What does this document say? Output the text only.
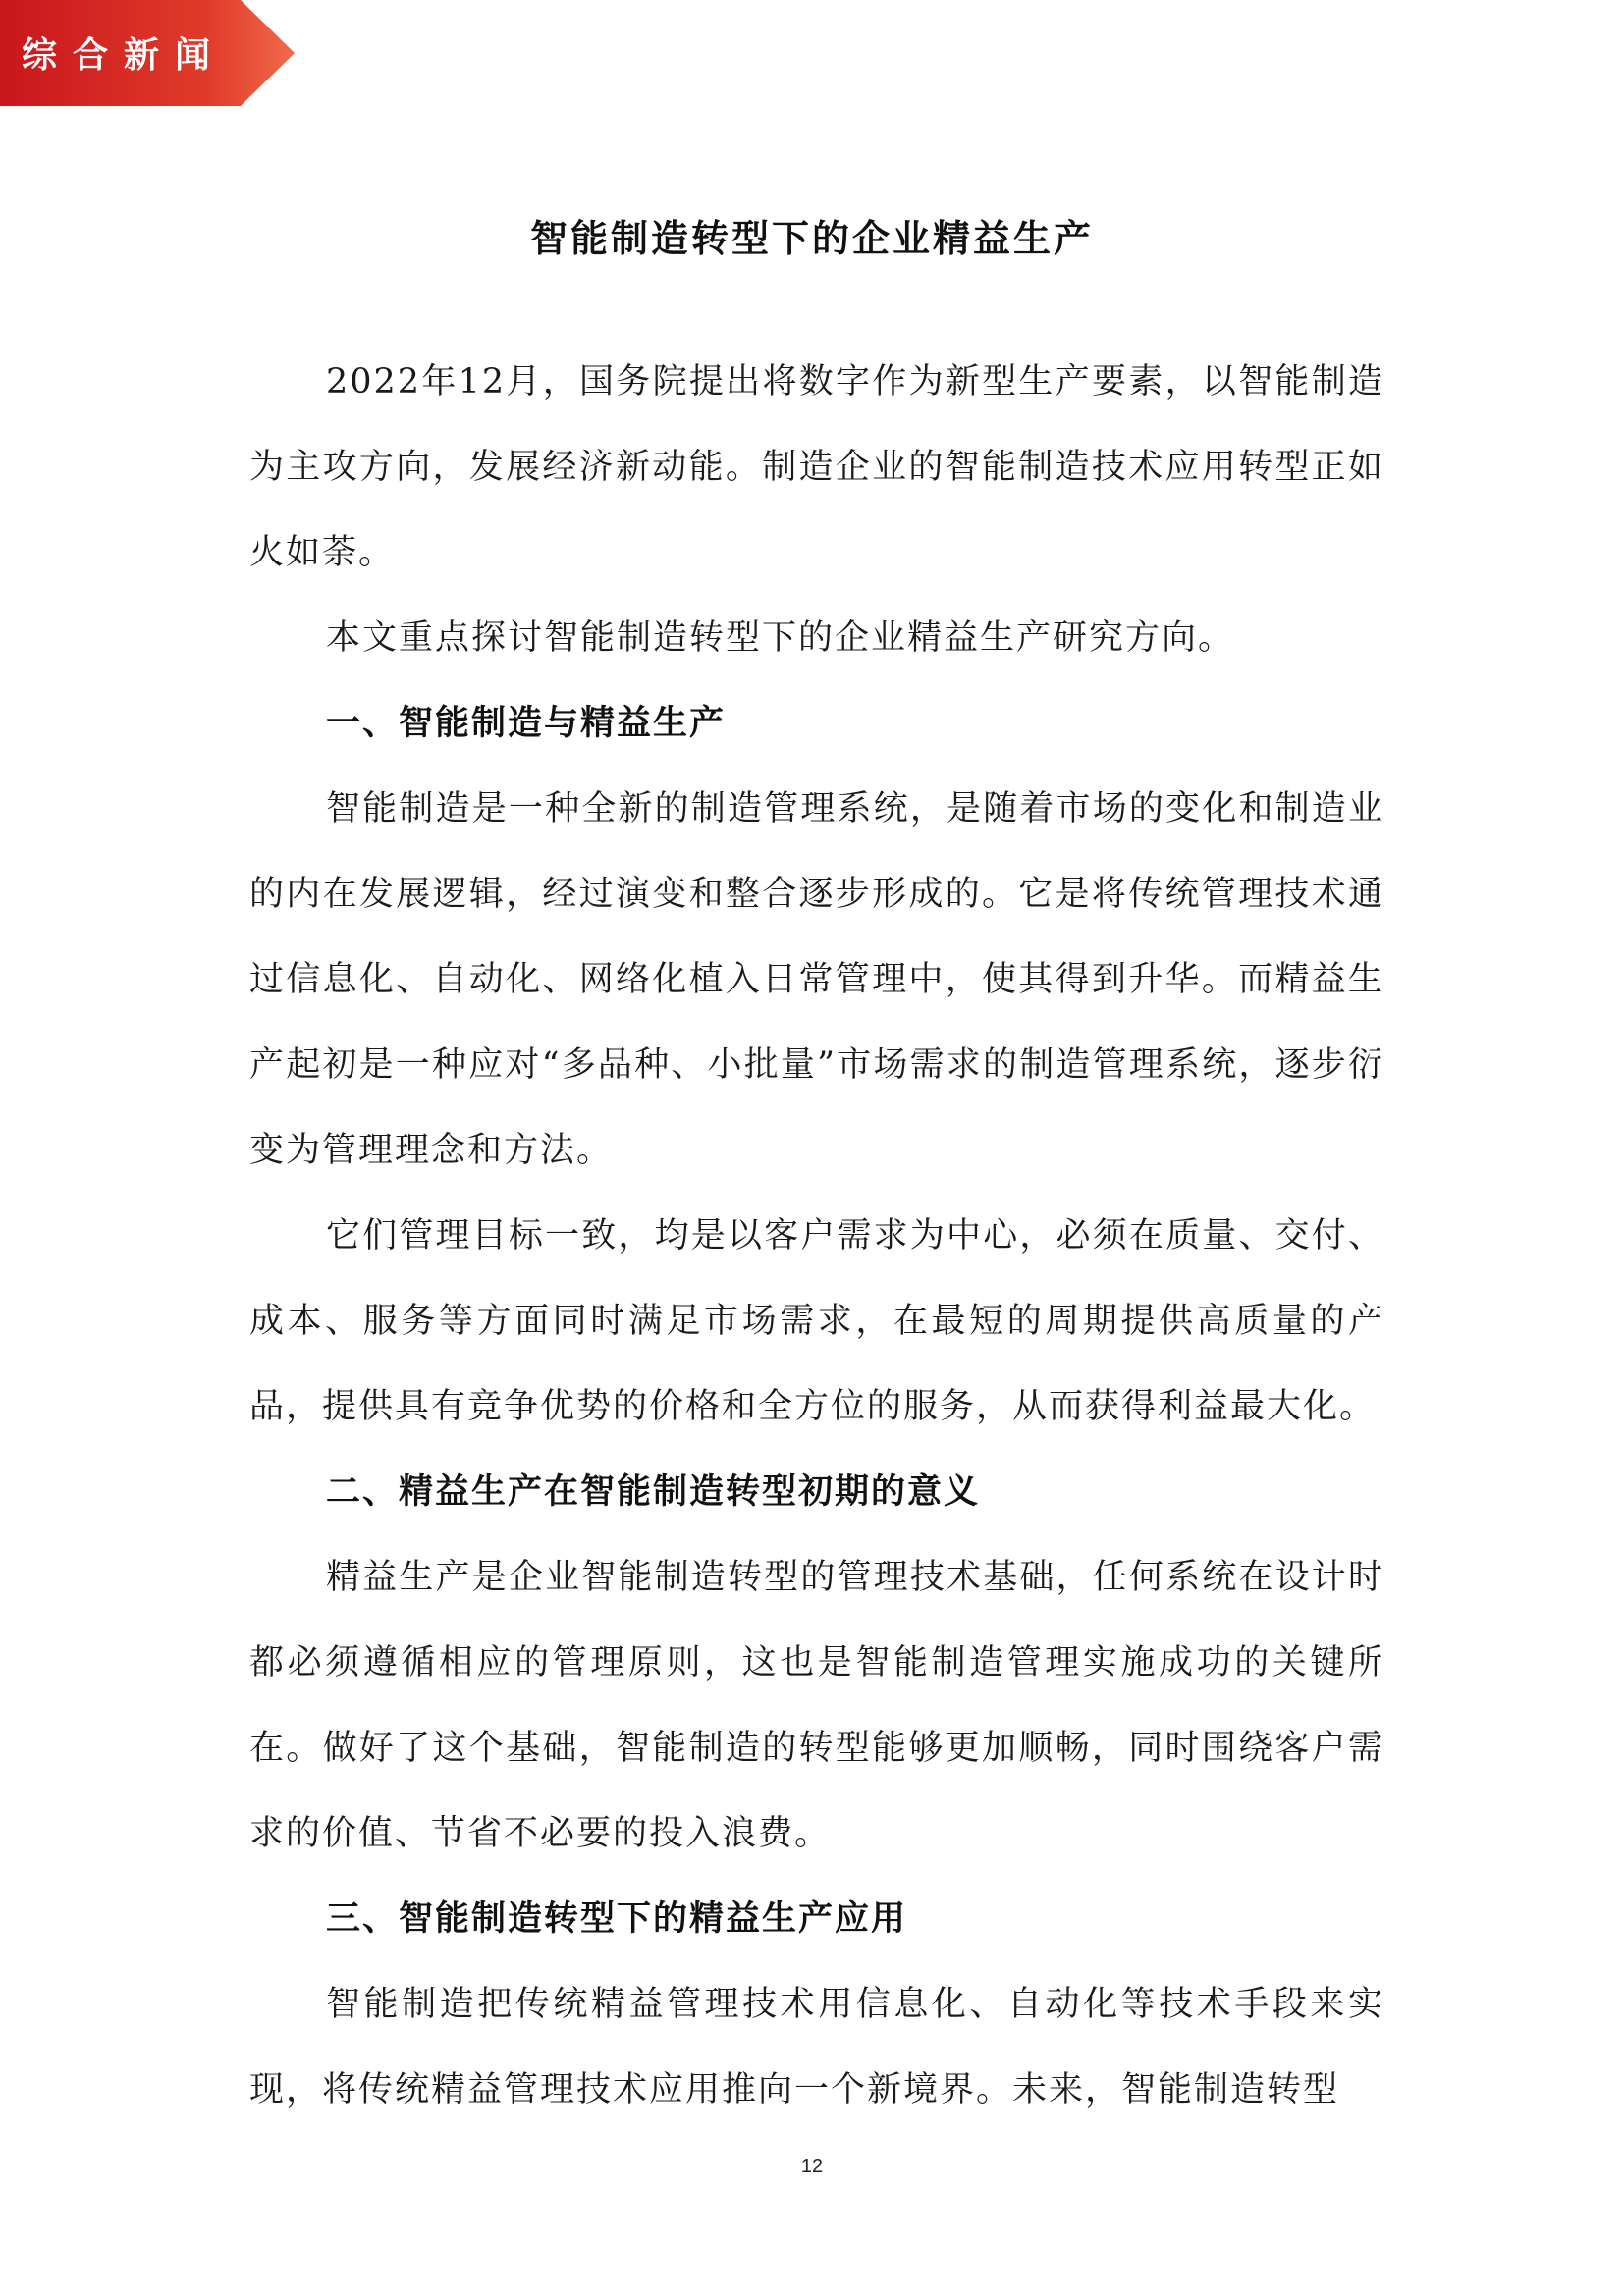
综合新闻
智能制造转型下的企业精益生产

2022年12月，国务院提出将数字作为新型生产要素，以智能制造为主攻方向，发展经济新动能。制造企业的智能制造技术应用转型正如火如荼。

本文重点探讨智能制造转型下的企业精益生产研究方向。

一、智能制造与精益生产

智能制造是一种全新的制造管理系统，是随着市场的变化和制造业的内在发展逻辑，经过演变和整合逐步形成的。它是将传统管理技术通过信息化、自动化、网络化植入日常管理中，使其得到升华。而精益生产起初是一种应对“多品种、小批量”市场需求的制造管理系统，逐步衍变为管理理念和方法。

它们管理目标一致，均是以客户需求为中心，必须在质量、交付、成本、服务等方面同时满足市场需求，在最短的周期提供高质量的产品，提供具有竞争优势的价格和全方位的服务，从而获得利益最大化。

二、精益生产在智能制造转型初期的意义

精益生产是企业智能制造转型的管理技术基础，任何系统在设计时都必须遵循相应的管理原则，这也是智能制造管理实施成功的关键所在。做好了这个基础，智能制造的转型能够更加顺畅，同时围绕客户需求的价值、节省不必要的投入浪费。

三、智能制造转型下的精益生产应用

智能制造把传统精益管理技术用信息化、自动化等技术手段来实现，将传统精益管理技术应用推向一个新境界。未来，智能制造转型

12
